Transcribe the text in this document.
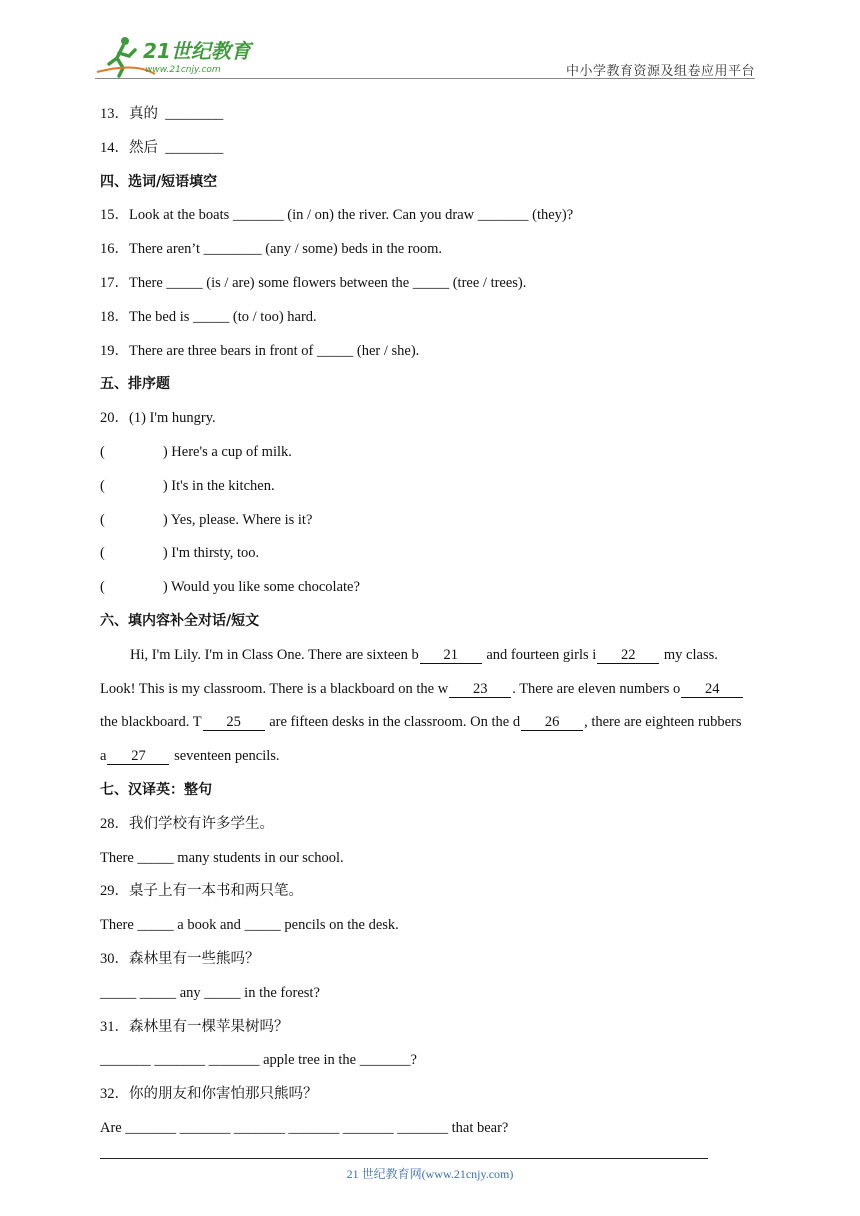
21世纪教育
www.21cnjy.com	中小学教育资源及组卷应用平台
13．真的  ________
14．然后  ________
四、选词/短语填空
15．Look at the boats _______ (in / on) the river. Can you draw _______ (they)?
16．There aren’t ________ (any / some) beds in the room.
17．There _____ (is / are) some flowers between the _____ (tree / trees).
18．The bed is _____ (to / too) hard.
19．There are three bears in front of _____ (her / she).
五、排序题
20．(1) I'm hungry.
(	) Here's a cup of milk.
(	) It's in the kitchen.
(	) Yes, please. Where is it?
(	) I'm thirsty, too.
(	) Would you like some chocolate?
六、填内容补全对话/短文
Hi, I'm Lily. I'm in Class One. There are sixteen b 21 and fourteen girls i 22 my class.
Look! This is my classroom. There is a blackboard on the w 23 . There are eleven numbers o 24
the blackboard. T 25 are fifteen desks in the classroom. On the d 26 , there are eighteen rubbers
a 27 seventeen pencils.
七、汉译英：整句
28．我们学校有许多学生。
There _____ many students in our school.
29．桌子上有一本书和两只笔。
There _____ a book and _____ pencils on the desk.
30．森林里有一些熊吗？
_____ _____ any _____ in the forest?
31．森林里有一棵苹果树吗？
_______ _______ _______ apple tree in the _______?
32．你的朋友和你害怕那只熊吗？
Are _______ _______ _______ _______ _______ _______ that bear?
21 世纪教育网(www.21cnjy.com)
